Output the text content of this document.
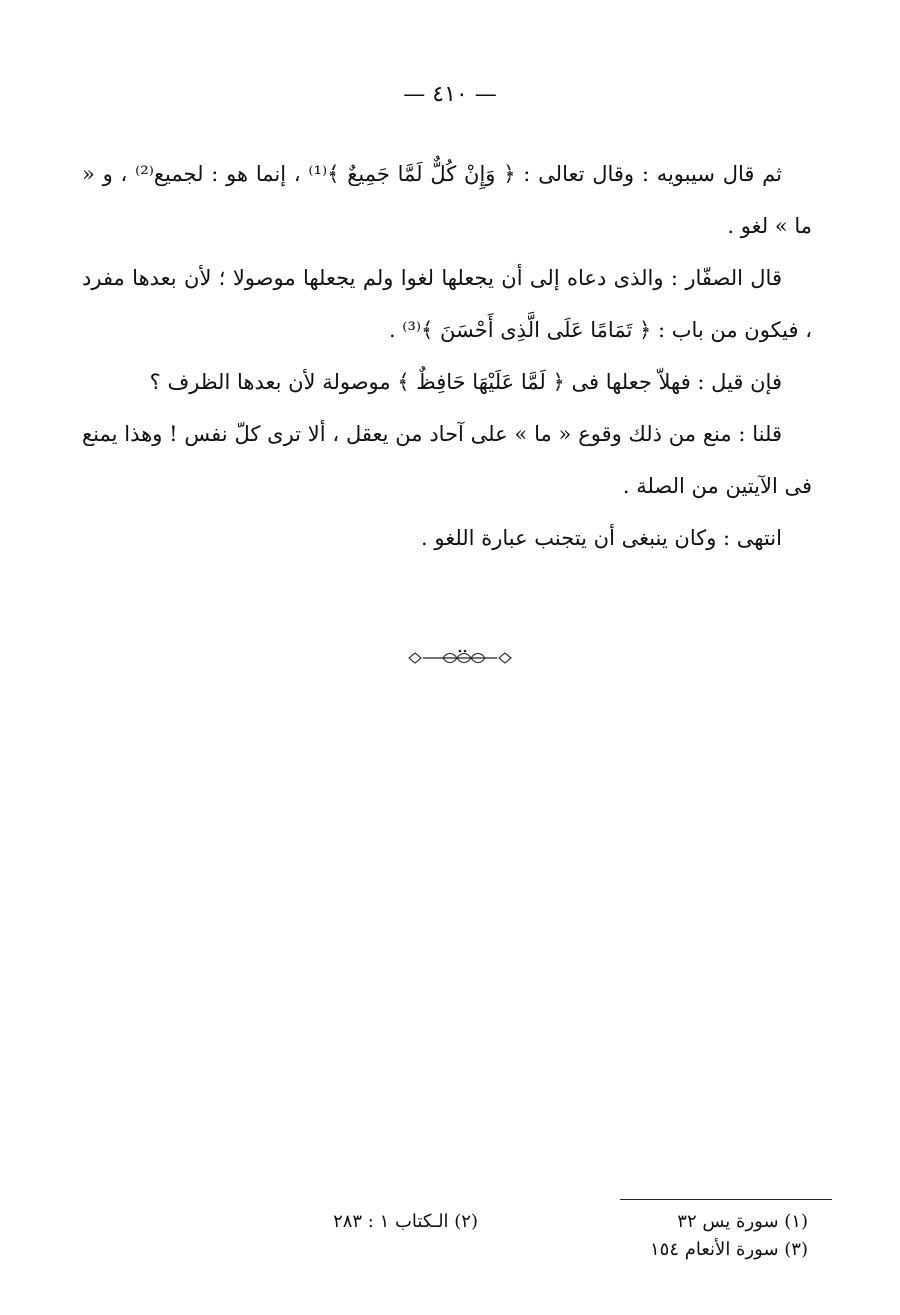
— ٤١٠ —

ثم قال سيبويه : وقال تعالى : ﴿ وَإِنْ كُلٌّ لَمَّا جَمِيعٌ ﴾⁽¹⁾ ، إنما هو : لجميع⁽²⁾ ، و « ما » لغو .

قال الصفّار : والذى دعاه إلى أن يجعلها لغوا ولم يجعلها موصولا ؛ لأن بعدها مفرد ، فيكون من باب : ﴿ تَمَامًا عَلَى الَّذِى أَحْسَنَ ﴾⁽³⁾ .

فإن قيل : فهلاّ جعلها فى ﴿ لَمَّا عَلَيْهَا حَافِظٌ ﴾ موصولة لأن بعدها الظرف ؟

قلنا : منع من ذلك وقوع « ما » على آحاد من يعقل ، ألا ترى كلّ نفس ! وهذا يمنع فى الآيتين من الصلة .

انتهى : وكان ينبغى أن يتجنب عبارة اللغو .

(١) سورة يس ٣٢
(٢) الـكتاب ١ : ٢٨٣
(٣) سورة الأنعام ١٥٤
